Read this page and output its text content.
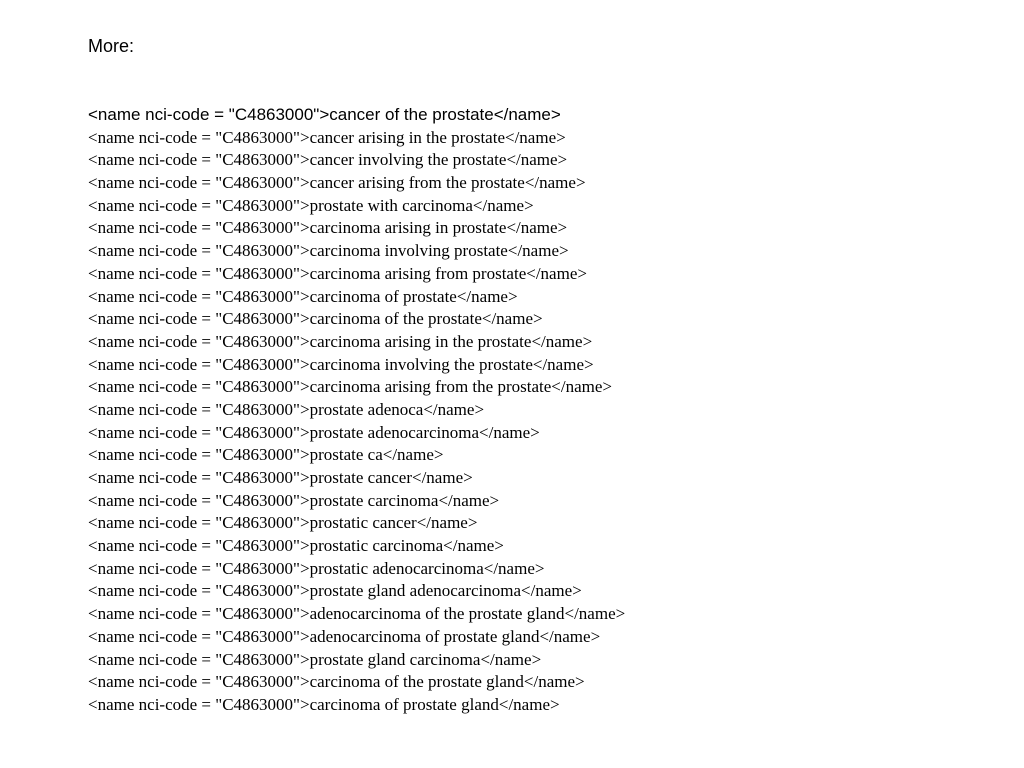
More:
<name nci-code = "C4863000">cancer of the prostate</name>
<name nci-code = "C4863000">cancer arising in the prostate</name>
<name nci-code = "C4863000">cancer involving the prostate</name>
<name nci-code = "C4863000">cancer arising from the prostate</name>
<name nci-code = "C4863000">prostate with carcinoma</name>
<name nci-code = "C4863000">carcinoma arising in prostate</name>
<name nci-code = "C4863000">carcinoma involving prostate</name>
<name nci-code = "C4863000">carcinoma arising from prostate</name>
<name nci-code = "C4863000">carcinoma of prostate</name>
<name nci-code = "C4863000">carcinoma of the prostate</name>
<name nci-code = "C4863000">carcinoma arising in the prostate</name>
<name nci-code = "C4863000">carcinoma involving the prostate</name>
<name nci-code = "C4863000">carcinoma arising from the prostate</name>
<name nci-code = "C4863000">prostate adenoca</name>
<name nci-code = "C4863000">prostate adenocarcinoma</name>
<name nci-code = "C4863000">prostate ca</name>
<name nci-code = "C4863000">prostate cancer</name>
<name nci-code = "C4863000">prostate carcinoma</name>
<name nci-code = "C4863000">prostatic cancer</name>
<name nci-code = "C4863000">prostatic carcinoma</name>
<name nci-code = "C4863000">prostatic adenocarcinoma</name>
<name nci-code = "C4863000">prostate gland adenocarcinoma</name>
<name nci-code = "C4863000">adenocarcinoma of the prostate gland</name>
<name nci-code = "C4863000">adenocarcinoma of prostate gland</name>
<name nci-code = "C4863000">prostate gland carcinoma</name>
<name nci-code = "C4863000">carcinoma of the prostate gland</name>
<name nci-code = "C4863000">carcinoma of prostate gland</name>
